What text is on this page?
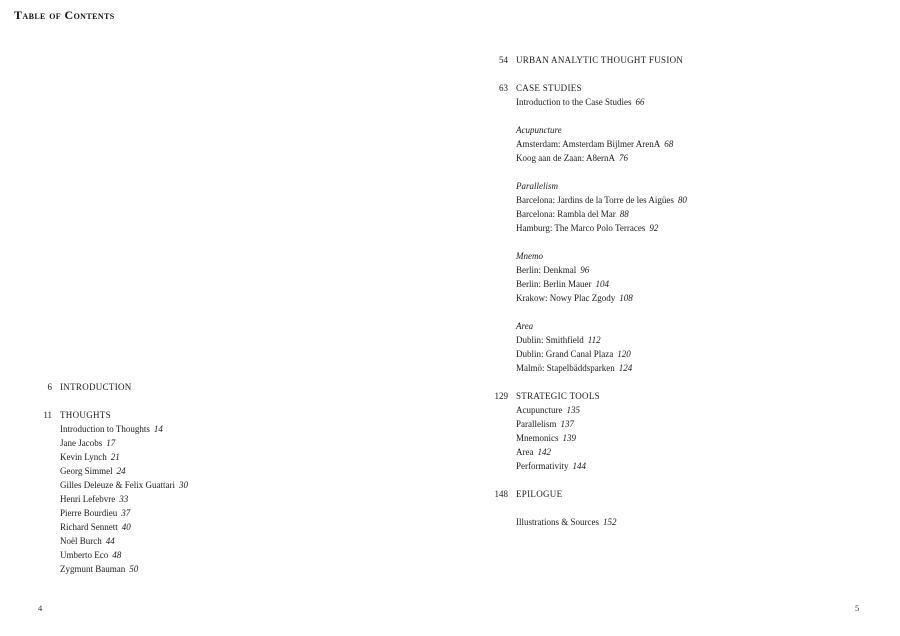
Table of Contents
6 INTRODUCTION
11 THOUGHTS
Introduction to Thoughts 14
Jane Jacobs 17
Kevin Lynch 21
Georg Simmel 24
Gilles Deleuze & Felix Guattari 30
Henri Lefebvre 33
Pierre Bourdieu 37
Richard Sennett 40
Noël Burch 44
Umberto Eco 48
Zygmunt Bauman 50
54 URBAN ANALYTIC THOUGHT FUSION
63 CASE STUDIES
Introduction to the Case Studies 66
Acupuncture
Amsterdam: Amsterdam Bijlmer ArenA 68
Koog aan de Zaan: A8ernA 76
Parallelism
Barcelona: Jardins de la Torre de les Aigües 80
Barcelona: Rambla del Mar 88
Hamburg: The Marco Polo Terraces 92
Mnemo
Berlin: Denkmal 96
Berlin: Berlin Mauer 104
Krakow: Nowy Plac Zgody 108
Area
Dublin: Smithfield 112
Dublin: Grand Canal Plaza 120
Malmö: Stapelbäddsparken 124
129 STRATEGIC TOOLS
Acupuncture 135
Parallelism 137
Mnemonics 139
Area 142
Performativity 144
148 EPILOGUE
Illustrations & Sources 152
4	5
